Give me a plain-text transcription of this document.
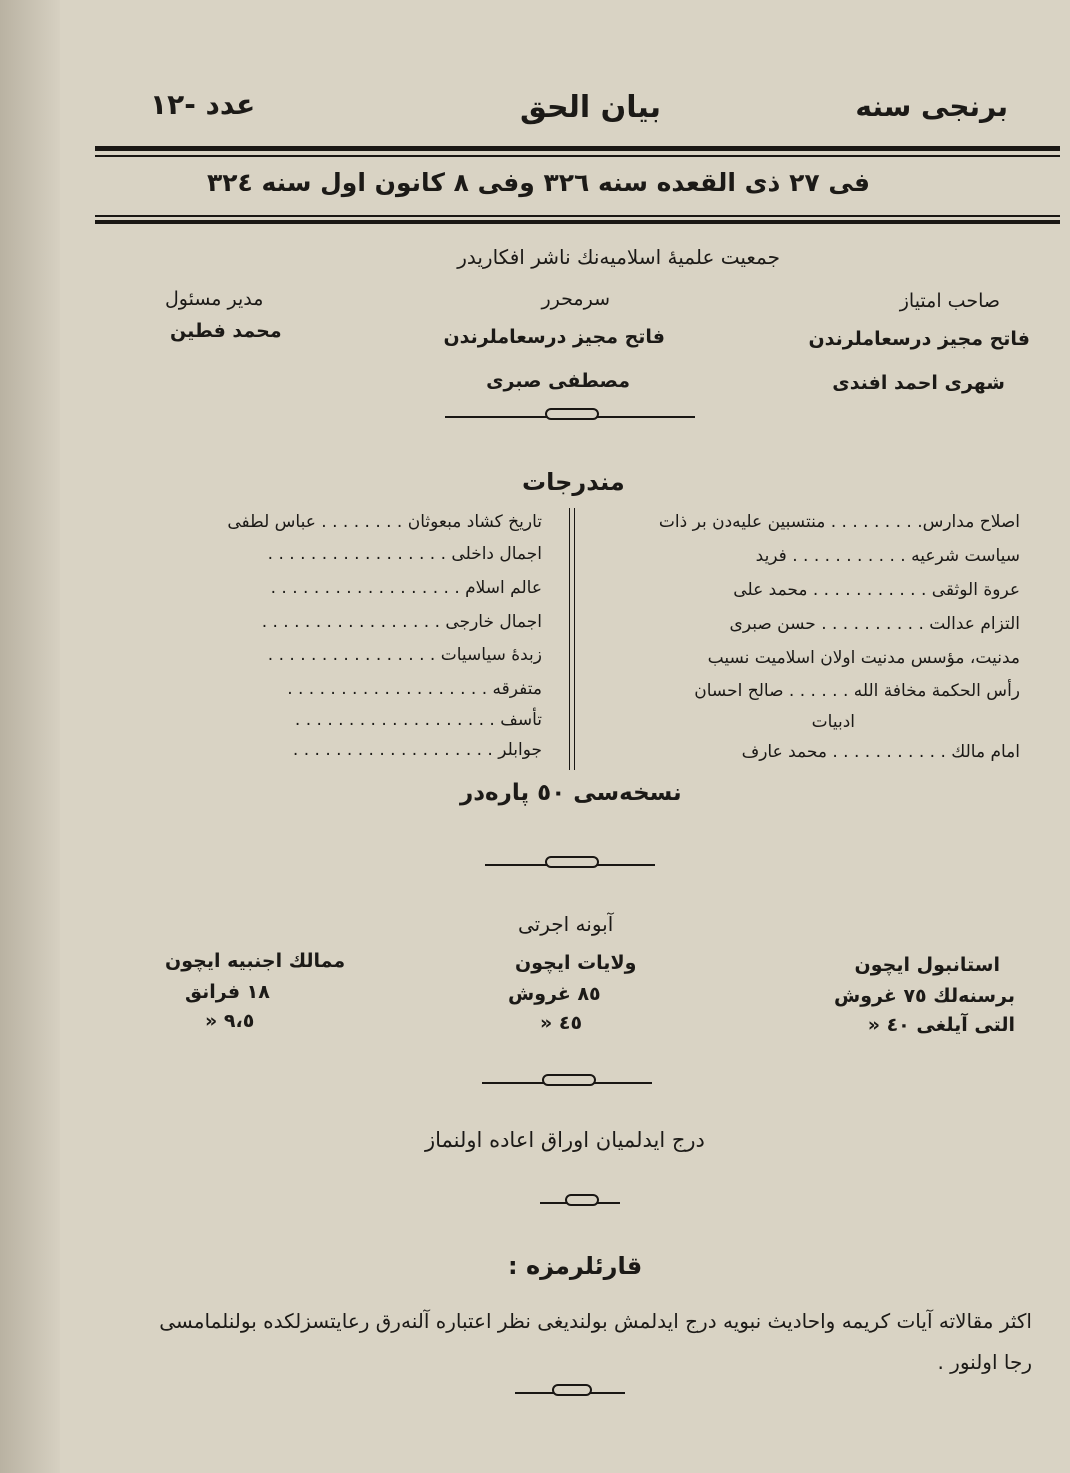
برنجی سنه
بیان الحق
عدد -١٢
فی ٢٧ ذی القعده سنه ٣٢٦ وفی ٨ كانون اول سنه ٣٢٤
جمعیت علمیهٔ اسلامیه‌نك ناشر افكاریدر
صاحب امتیاز
فاتح مجیز درسعاملرندن
شهری احمد افندی
سرمحرر
فاتح مجیز درسعاملرندن
مصطفی صبری
مدیر مسئول
محمد فطین
مندرجات
اصلاح مدارس. . . . . . . . . منتسبین علیه‌دن بر ذات
سیاست شرعیه . . . . . . . . . . . فرید
عروة الوثقی . . . . . . . . . . . محمد علی
التزام عدالت . . . . . . . . . . حسن صبری
مدنیت، مؤسس مدنیت اولان اسلامیت نسیب
رأس الحكمة مخافة الله . . . . . . صالح احسان
ادبیات
امام مالك . . . . . . . . . . . محمد عارف
تاریخ كشاد مبعوثان . . . . . . . . عباس لطفی
اجمال داخلی . . . . . . . . . . . . . . . . .
عالم اسلام . . . . . . . . . . . . . . . . . .
اجمال خارجی . . . . . . . . . . . . . . . . .
زبدهٔ سیاسیات . . . . . . . . . . . . . . . .
متفرقه . . . . . . . . . . . . . . . . . . .
تأسف . . . . . . . . . . . . . . . . . . .
جوابلر . . . . . . . . . . . . . . . . . . .
نسخه‌سی ٥٠ پاره‌در
آبونه اجرتی
استانبول ایچون
برسنه‌لك ٧٥ غروش
التی آیلغی ٤٠ «
ولایات ایچون
٨٥ غروش
٤٥ «
ممالك اجنبیه ایچون
١٨ فرانق
٩،٥ «
درج ایدلمیان اوراق اعاده اولنماز
قارئلرمزه :
اكثر مقالاته آیات كریمه واحادیث نبویه درج ایدلمش بولندیغی نظر اعتباره آلنه‌رق رعایتسزلكده بولنلمامسی
رجا اولنور .
